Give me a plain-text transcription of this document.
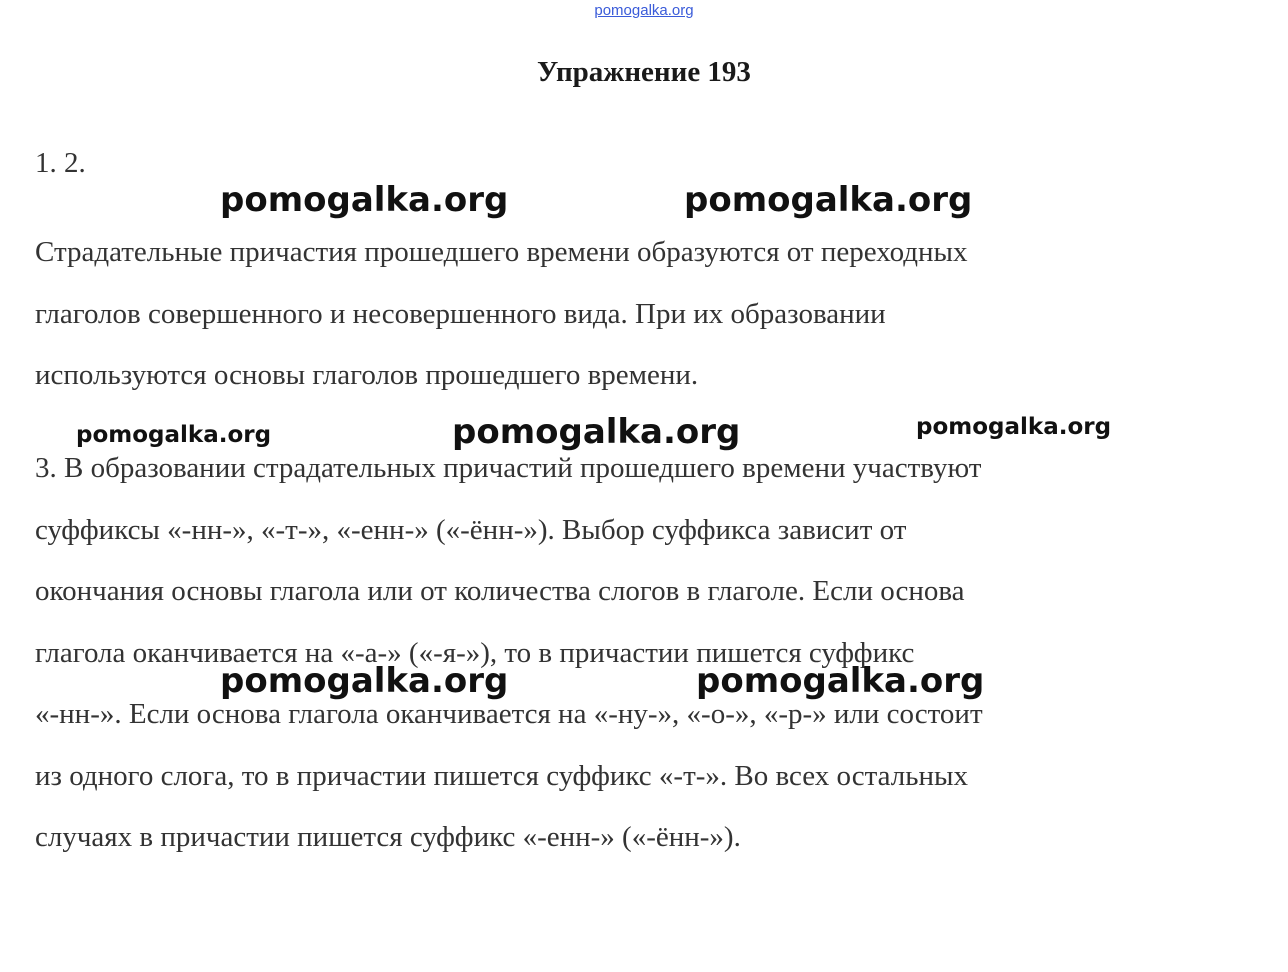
pomogalka.org
Упражнение 193
1. 2.
Страдательные причастия прошедшего времени образуются от переходных
глаголов совершенного и несовершенного вида. При их образовании
используются основы глаголов прошедшего времени.
3. В образовании страдательных причастий прошедшего времени участвуют
суффиксы «-нн-», «-т-», «-енн-» («-ённ-»). Выбор суффикса зависит от
окончания основы глагола или от количества слогов в глаголе. Если основа
глагола оканчивается на «-а-» («-я-»), то в причастии пишется суффикс
«-нн-». Если основа глагола оканчивается на «-ну-», «-о-», «-р-» или состоит
из одного слога, то в причастии пишется суффикс «-т-». Во всех остальных
случаях в причастии пишется суффикс «-енн-» («-ённ-»).
pomogalka.org	pomogalka.org
pomogalka.org	pomogalka.org	pomogalka.org
pomogalka.org	pomogalka.org
